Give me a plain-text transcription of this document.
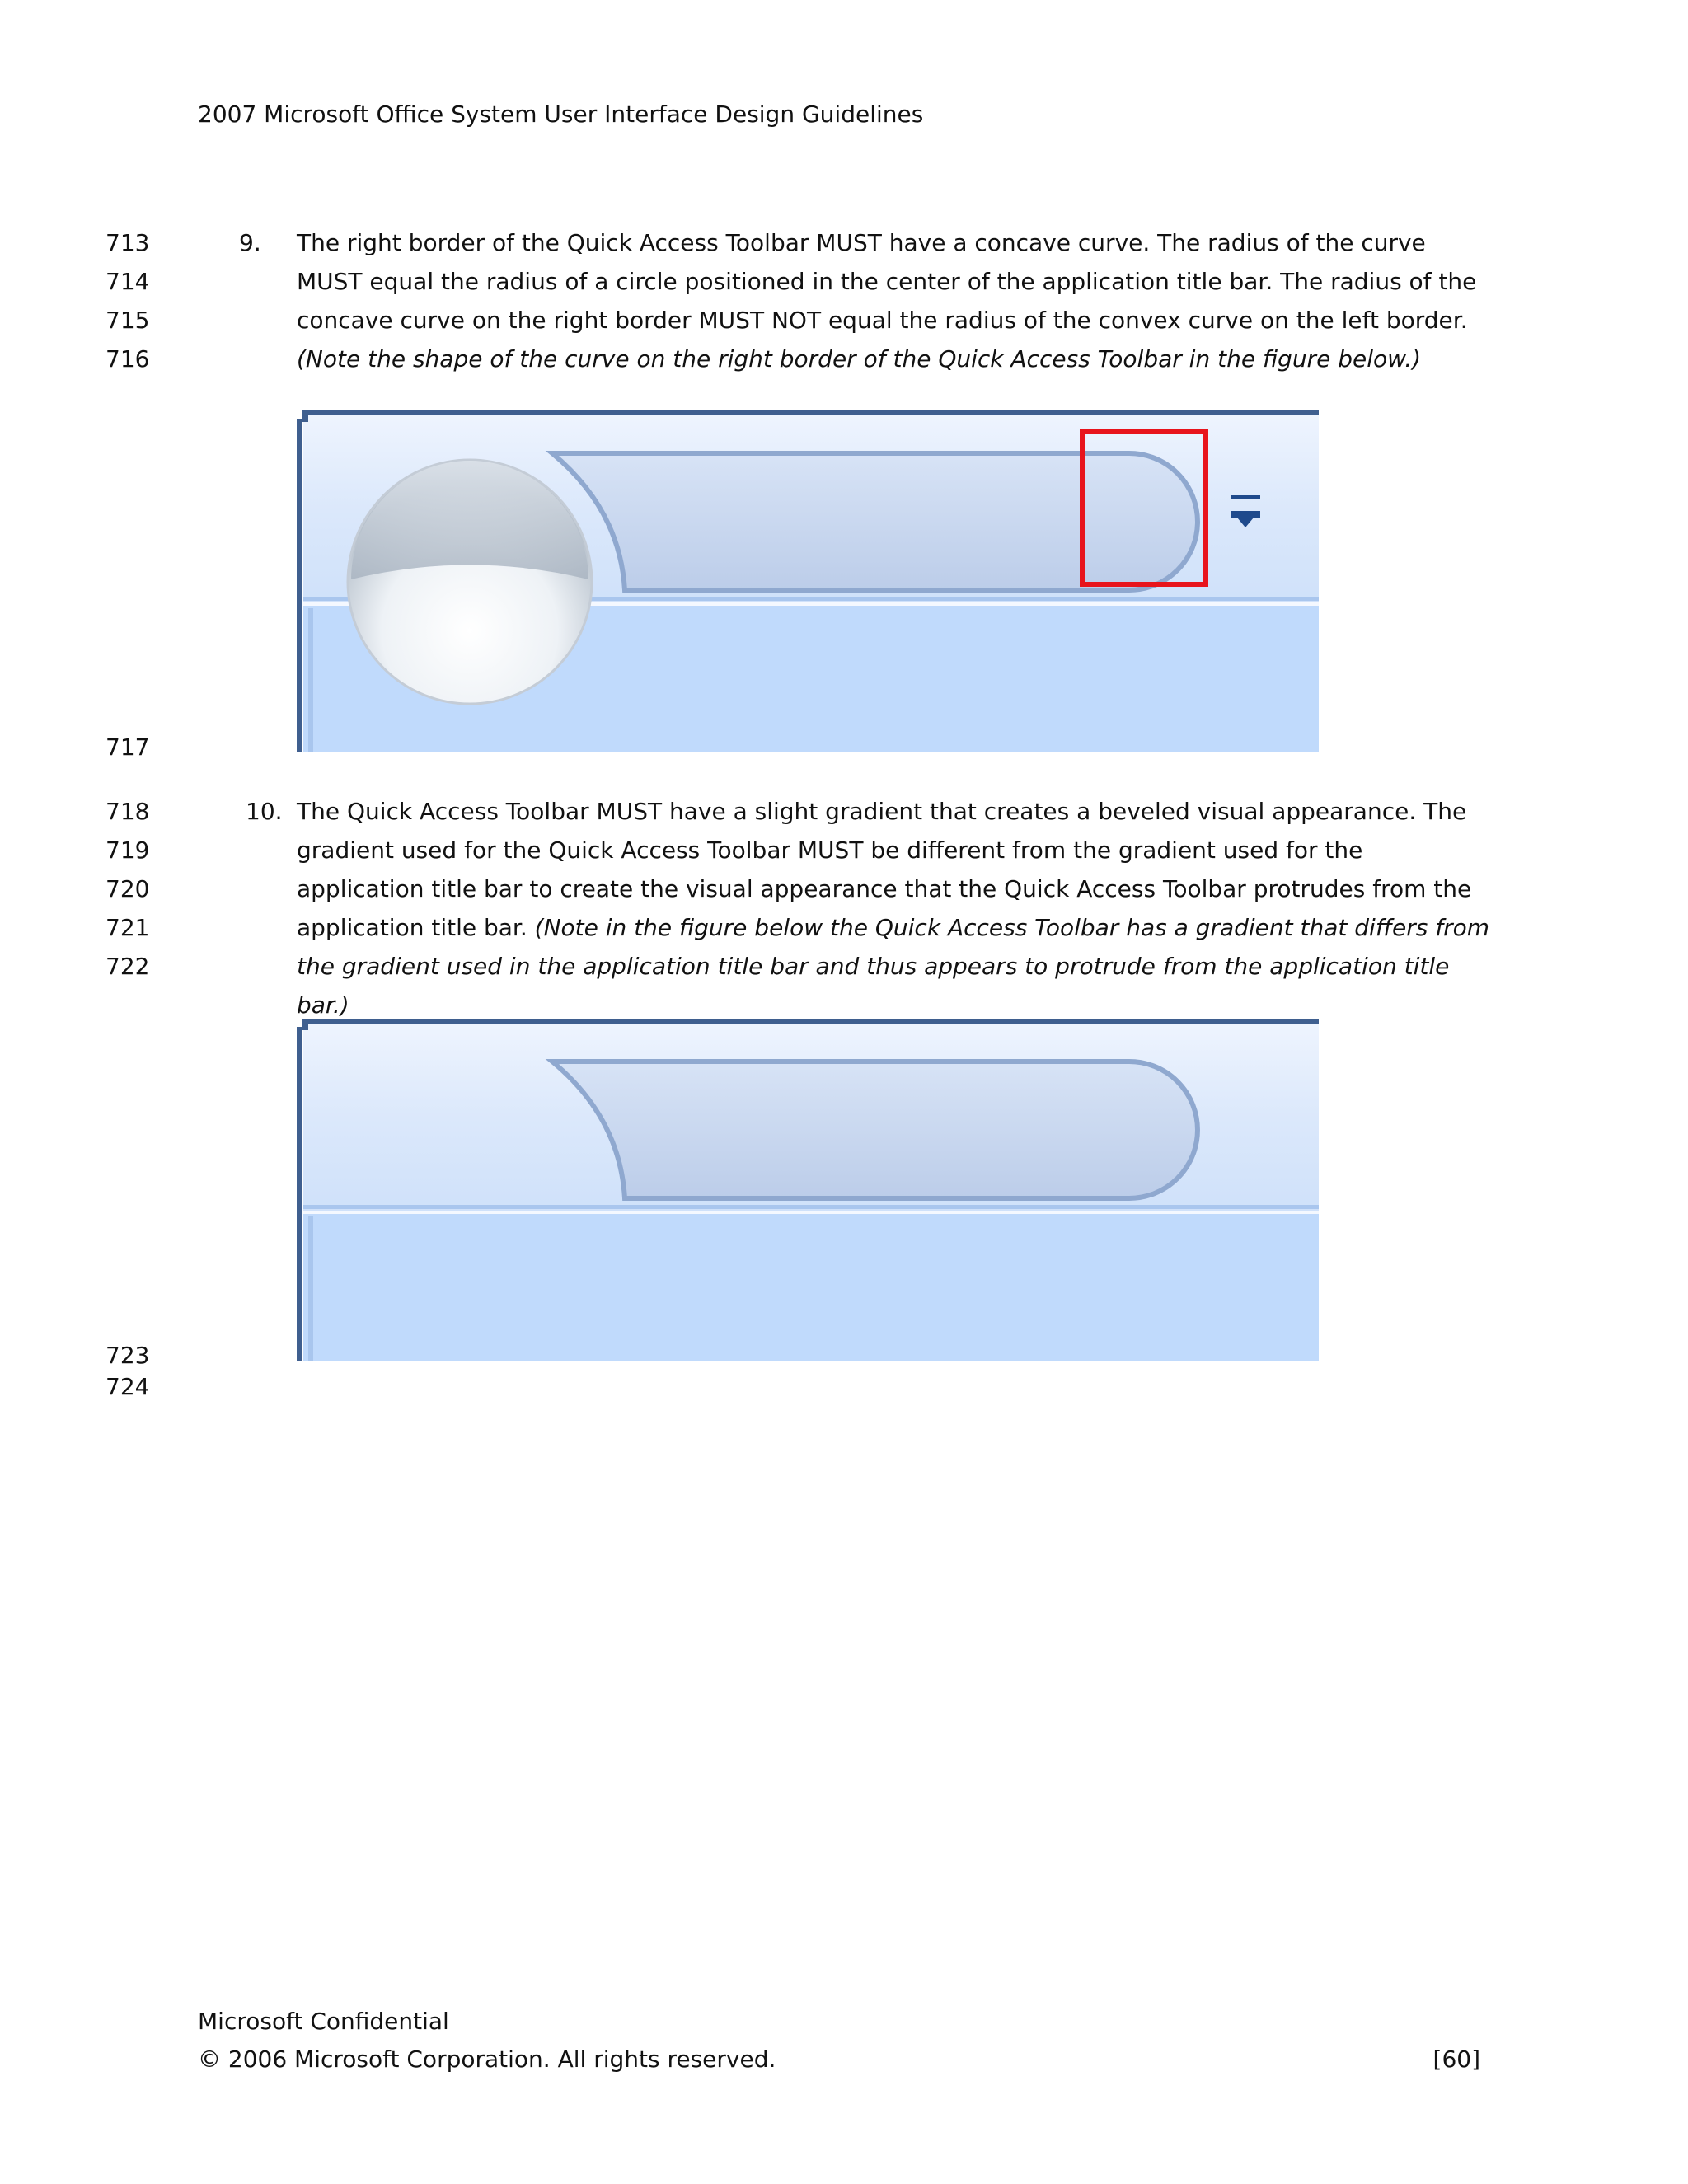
2007 Microsoft Office System User Interface Design Guidelines
713
714
715
716
717
9. The right border of the Quick Access Toolbar MUST have a concave curve. The radius of the curve MUST equal the radius of a circle positioned in the center of the application title bar. The radius of the concave curve on the right border MUST NOT equal the radius of the convex curve on the left border. (Note the shape of the curve on the right border of the Quick Access Toolbar in the figure below.)
718
719
720
721
722
723
724
10. The Quick Access Toolbar MUST have a slight gradient that creates a beveled visual appearance. The gradient used for the Quick Access Toolbar MUST be different from the gradient used for the application title bar to create the visual appearance that the Quick Access Toolbar protrudes from the application title bar. (Note in the figure below the Quick Access Toolbar has a gradient that differs from the gradient used in the application title bar and thus appears to protrude from the application title bar.)
Microsoft Confidential
© 2006 Microsoft Corporation. All rights reserved.	[60]
